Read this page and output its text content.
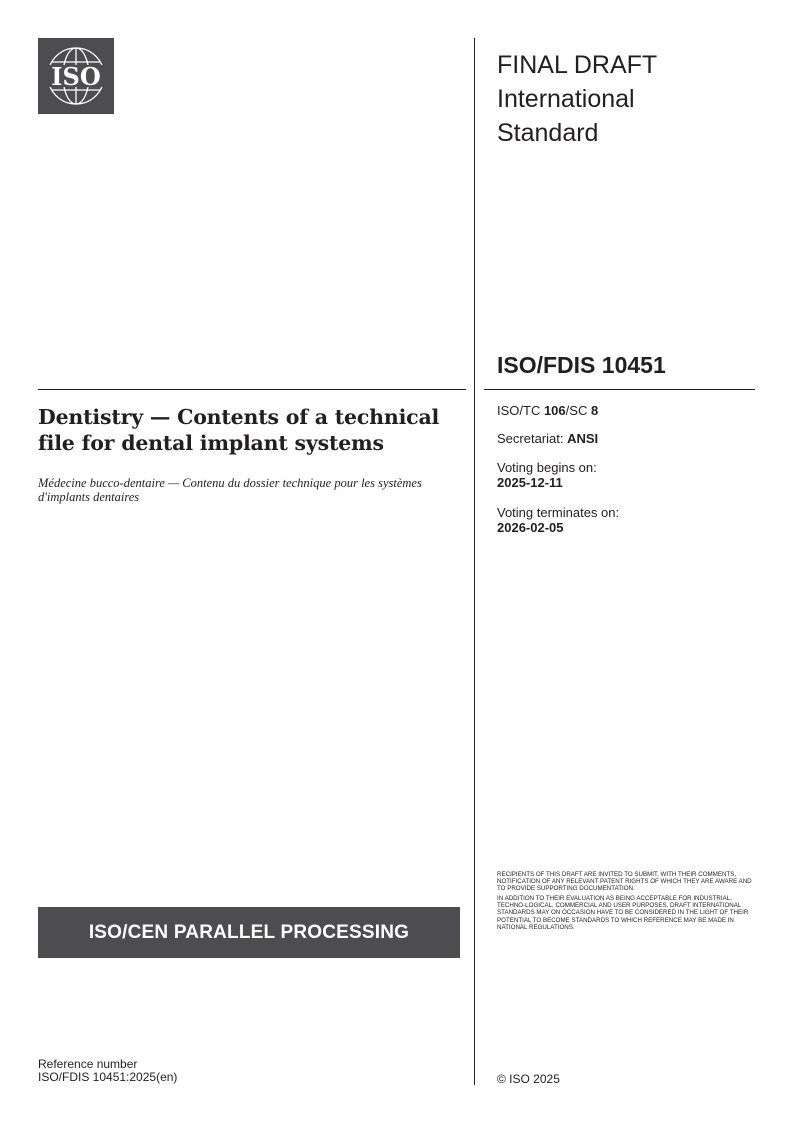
ISO	FINAL DRAFT
International
Standard
ISO/FDIS 10451
Dentistry — Contents of a technical file for dental implant systems
Médecine bucco-dentaire — Contenu du dossier technique pour les systèmes d'implants dentaires
ISO/TC 106/SC 8
Secretariat: ANSI
Voting begins on:
2025-12-11
Voting terminates on:
2026-02-05

RECIPIENTS OF THIS DRAFT ARE INVITED TO SUBMIT, WITH THEIR COMMENTS, NOTIFICATION OF ANY RELEVANT PATENT RIGHTS OF WHICH THEY ARE AWARE AND TO PROVIDE SUPPORTING DOCUMENTATION.

IN ADDITION TO THEIR EVALUATION AS BEING ACCEPTABLE FOR INDUSTRIAL, TECHNO-LOGICAL, COMMERCIAL AND USER PURPOSES, DRAFT INTERNATIONAL STANDARDS MAY ON OCCASION HAVE TO BE CONSIDERED IN THE LIGHT OF THEIR POTENTIAL TO BECOME STANDARDS TO WHICH REFERENCE MAY BE MADE IN NATIONAL REGULATIONS.

ISO/CEN PARALLEL PROCESSING
Reference number
ISO/FDIS 10451:2025(en)	© ISO 2025
